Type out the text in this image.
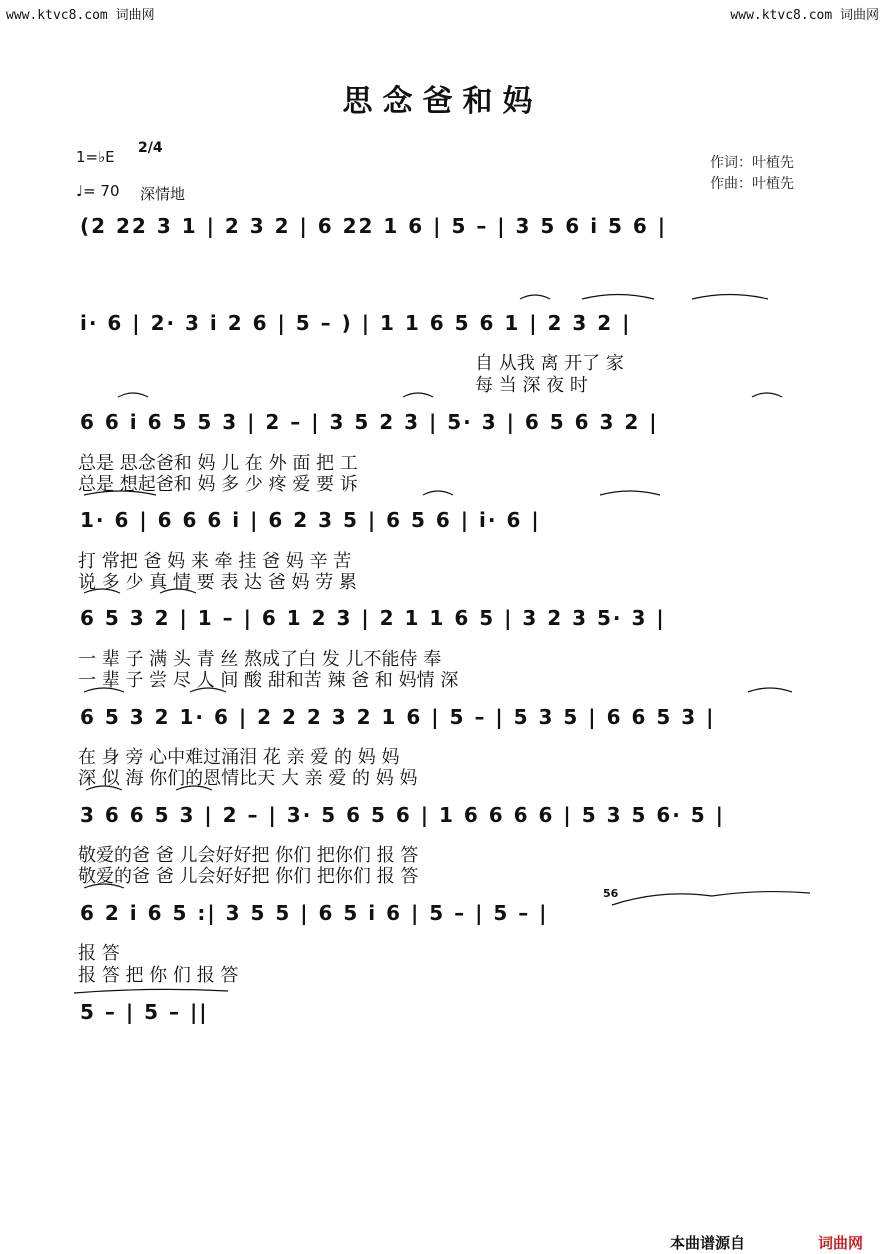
www.ktvc8.com 词曲网	www.ktvc8.com 词曲网
思念爸和妈
1=♭E 2/4
♩= 70 深情地
作词：叶植先
作曲：叶植先
(2 22 3 1 | 2 3 2 | 6 22 1 6 | 5 – | 3 5 6 i 5 6 |
i· 6 | 2· 3 i 2 6 | 5 – ) | 1 1 6 5 6 1 | 2 3 2 |
6 6 i 6 5 5 3 | 2 – | 3 5 2 3 | 5· 3 | 6 5 6 3 2 |
1· 6 | 6 6 6 i | 6 2 3 5 | 6 5 6 | i· 6 |
6 5 3 2 | 1 – | 6 1 2 3 | 2 1 1 6 5 | 3 2 3 5· 3 |
6 5 3 2 1· 6 | 2 2 2 3 2 1 6 | 5 – | 5 3 5 | 6 6 5 3 |
3 6 6 5 3 | 2 – | 3· 5 6 5 6 | 1 6 6 6 6 | 5 3 5 6· 5 |
6 2 i 6 5 :| 3 5 5 | 6 5 i 6 | 5 – | 5 – |
56
5 – | 5 – ||
自 从我 离 开了 家
每 当 深 夜 时
总是 思念爸和 妈 儿 在 外 面 把 工
总是 想起爸和 妈 多 少 疼 爱 要 诉
打 常把 爸 妈 来 牵 挂 爸 妈 辛 苦
说 多 少 真 情 要 表 达 爸 妈 劳 累
一 辈 子 满 头 青 丝 熬成了白 发 儿不能侍 奉
一 辈 子 尝 尽 人 间 酸 甜和苦 辣 爸 和 妈情 深
在 身 旁 心中难过涌泪 花 亲 爱 的 妈 妈
深 似 海 你们的恩情比天 大 亲 爱 的 妈 妈
敬爱的爸 爸 儿会好好把 你们 把你们 报 答
敬爱的爸 爸 儿会好好把 你们 把你们 报 答
报 答
报 答 把 你 们 报 答
本曲谱源自	词曲网
